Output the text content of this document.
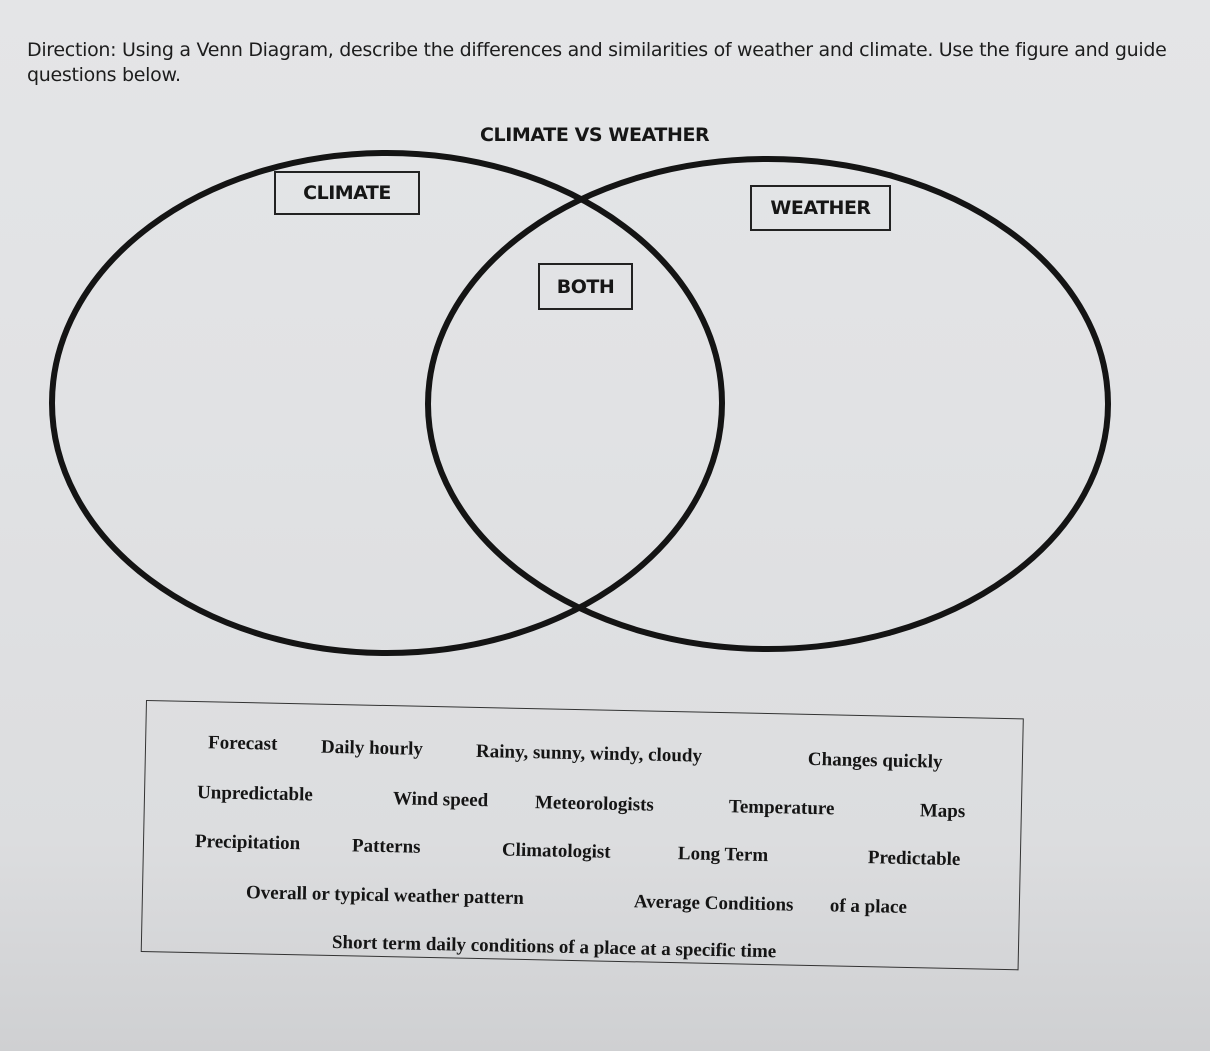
Direction: Using a Venn Diagram, describe the differences and similarities of weather and climate. Use the figure and guide questions below.
CLIMATE VS WEATHER
CLIMATE
WEATHER
BOTH
Forecast Daily hourly	Rainy, sunny, windy, cloudy	Changes quickly
Unpredictable	Wind speed Meteorologists	Temperature	Maps
Precipitation	Patterns	Climatologist	Long Term	Predictable
Overall or typical weather pattern	Average Conditions of a place
Short term daily conditions of a place at a specific time
